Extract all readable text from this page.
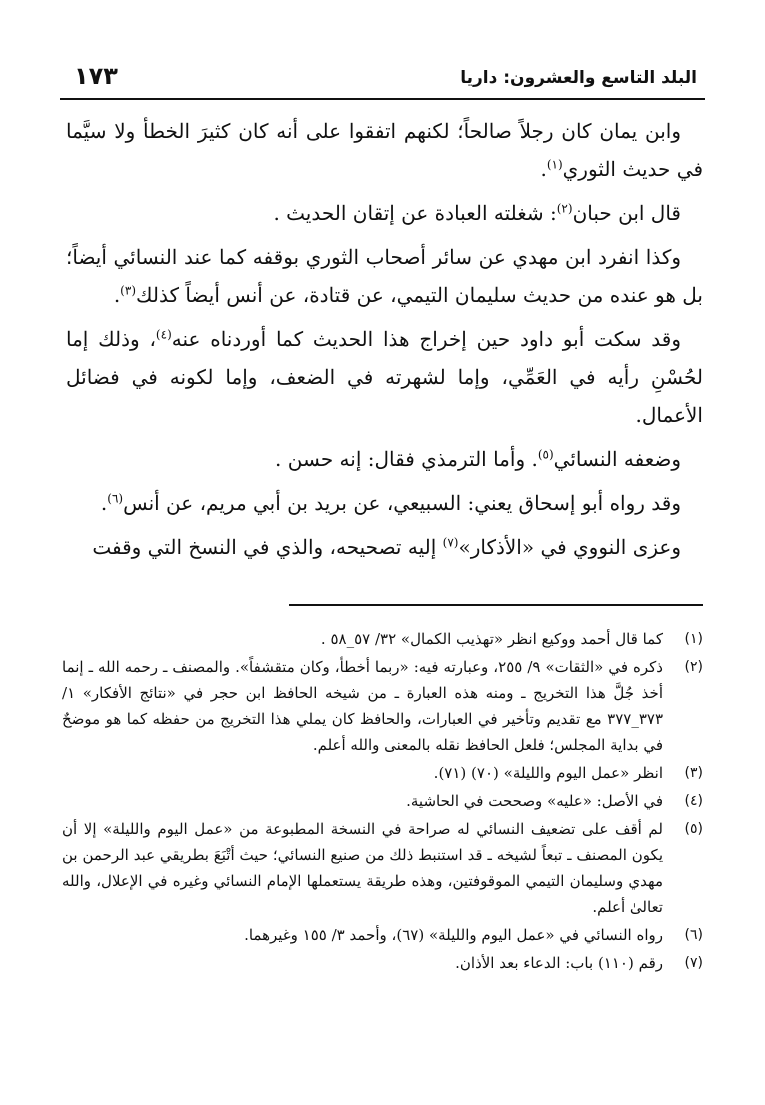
البلد التاسع والعشرون: داريا
١٧٣

وابن يمان كان رجلاً صالحاً؛ لكنهم اتفقوا على أنه كان كثيرَ الخطأ ولا سيَّما في حديث الثوري$^{(١)}$.

قال ابن حبان$^{(٢)}$: شغلته العبادة عن إتقان الحديث .

وكذا انفرد ابن مهدي عن سائر أصحاب الثوري بوقفه كما عند النسائي أيضاً؛ بل هو عنده من حديث سليمان التيمي، عن قتادة، عن أنس أيضاً كذلك$^{(٣)}$.

وقد سكت أبو داود حين إخراج هذا الحديث كما أوردناه عنه$^{(٤)}$، وذلك إما لحُسْنِ رأيه في العَمِّي، وإما لشهرته في الضعف، وإما لكونه في فضائل الأعمال.

وضعفه النسائي$^{(٥)}$. وأما الترمذي فقال: إنه حسن .

وقد رواه أبو إسحاق يعني: السبيعي، عن بريد بن أبي مريم، عن أنس$^{(٦)}$.

وعزى النووي في «الأذكار»$^{(٧)}$ إليه تصحيحه، والذي في النسخ التي وقفت

(١)
كما قال أحمد ووكيع انظر «تهذيب الكمال» ٣٢/ ٥٧_٥٨ .
(٢)
ذكره في «الثقات» ٩/ ٢٥٥، وعبارته فيه: «ربما أخطأ، وكان متقشفاً». والمصنف ـ رحمه الله ـ إنما أخذ جُلَّ هذا التخريج ـ ومنه هذه العبارة ـ من شيخه الحافظ ابن حجر في «نتائج الأفكار» ١/ ٣٧٣_٣٧٧ مع تقديم وتأخير في العبارات، والحافظ كان يملي هذا التخريج من حفظه كما هو موضحٌ في بداية المجلس؛ فلعل الحافظ نقله بالمعنى والله أعلم.
(٣)
انظر «عمل اليوم والليلة» (٧٠) (٧١).
(٤)
في الأصل: «عليه» وصححت في الحاشية.
(٥)
لم أقف على تضعيف النسائي له صراحة في النسخة المطبوعة من «عمل اليوم والليلة» إلا أن يكون المصنف ـ تبعاً لشيخه ـ قد استنبط ذلك من صنيع النسائي؛ حيث أتْبَعَ بطريقي عبد الرحمن بن مهدي وسليمان التيمي الموقوفتين، وهذه طريقة يستعملها الإمام النسائي وغيره في الإعلال، والله تعالىٰ أعلم.
(٦)
رواه النسائي في «عمل اليوم والليلة» (٦٧)، وأحمد ٣/ ١٥٥ وغيرهما.
(٧)
رقم (١١٠) باب: الدعاء بعد الأذان.
